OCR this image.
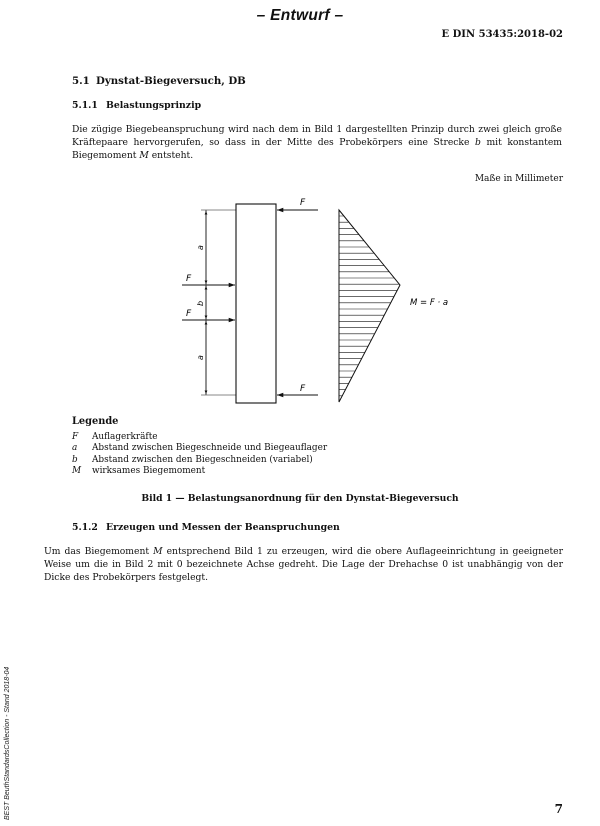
– Entwurf –
E DIN 53435:2018-02
5.1 Dynstat-Biegeversuch, DB
5.1.1 Belastungsprinzip
Die zügige Biegebeanspruchung wird nach dem in Bild 1 dargestellten Prinzip durch zwei gleich große Kräftepaare hervorgerufen, so dass in der Mitte des Probekörpers eine Strecke b mit konstantem Biegemoment M entsteht.
Maße in Millimeter
F
F
F
F
a
b
a
M = F · a
Legende
F Auflagerkräfte
a Abstand zwischen Biegeschneide und Biegeauflager
b Abstand zwischen den Biegeschneiden (variabel)
M wirksames Biegemoment
Bild 1 — Belastungsanordnung für den Dynstat-Biegeversuch
5.1.2 Erzeugen und Messen der Beanspruchungen
Um das Biegemoment M entsprechend Bild 1 zu erzeugen, wird die obere Auflageeinrichtung in geeigneter Weise um die in Bild 2 mit 0 bezeichnete Achse gedreht. Die Lage der Drehachse 0 ist unabhängig von der Dicke des Probekörpers festgelegt.
BEST BeuthStandardsCollection - Stand 2018-04	7
